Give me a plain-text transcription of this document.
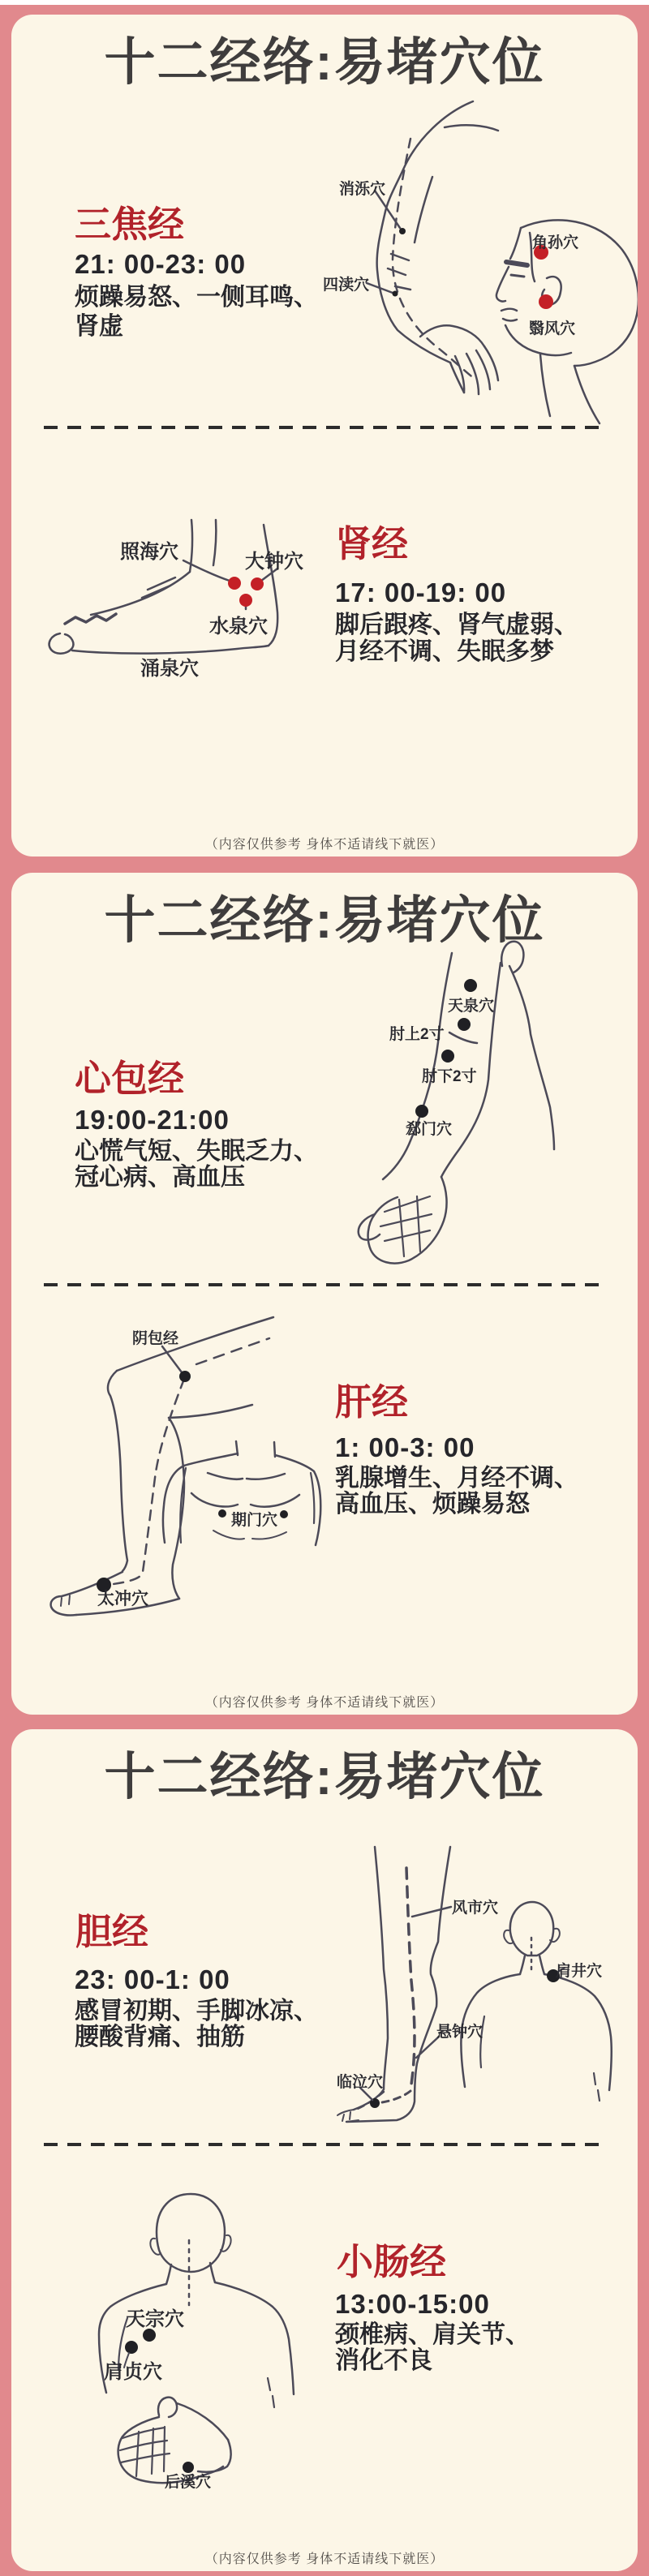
十二经络:易堵穴位
三焦经
21: 00-23: 00
烦躁易怒、一侧耳鸣、
肾虚
消泺穴
四渎穴
角孙穴
翳风穴
照海穴	大钟穴
水泉穴
涌泉穴
肾经
17: 00-19: 00
脚后跟疼、肾气虚弱、
月经不调、失眠多梦
（内容仅供参考 身体不适请线下就医）
十二经络:易堵穴位
天泉穴
肘上2寸
肘下2寸
郄门穴
心包经
19:00-21:00
心慌气短、失眠乏力、
冠心病、高血压
阴包经
期门穴
太冲穴
肝经
1: 00-3: 00
乳腺增生、月经不调、
高血压、烦躁易怒
（内容仅供参考 身体不适请线下就医）
十二经络:易堵穴位
胆经
23: 00-1: 00
感冒初期、手脚冰凉、
腰酸背痛、抽筋
风市穴
肩井穴
悬钟穴
临泣穴
天宗穴
肩贞穴
后溪穴
小肠经
13:00-15:00
颈椎病、肩关节、
消化不良
（内容仅供参考 身体不适请线下就医）
